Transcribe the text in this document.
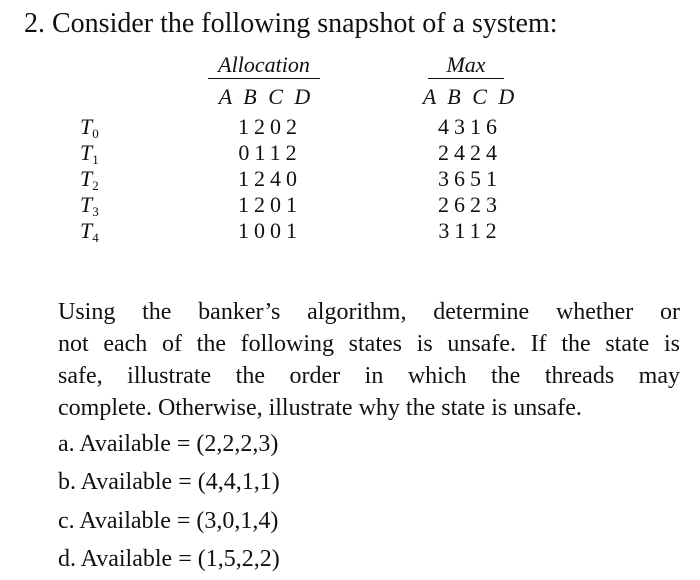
2. Consider the following snapshot of a system:
Allocation	Max
A B C D	A B C D
$T_0$
$T_1$
$T_2$
$T_3$
$T_4$
1202
0112
1240
1201
1001
4316
2424
3651
2623
3112
Using the banker’s algorithm, determine whether or
not each of the following states is unsafe. If the state is
safe, illustrate the order in which the threads may
complete. Otherwise, illustrate why the state is unsafe.
a. Available = (2,2,2,3)
b. Available = (4,4,1,1)
c. Available = (3,0,1,4)
d. Available = (1,5,2,2)
